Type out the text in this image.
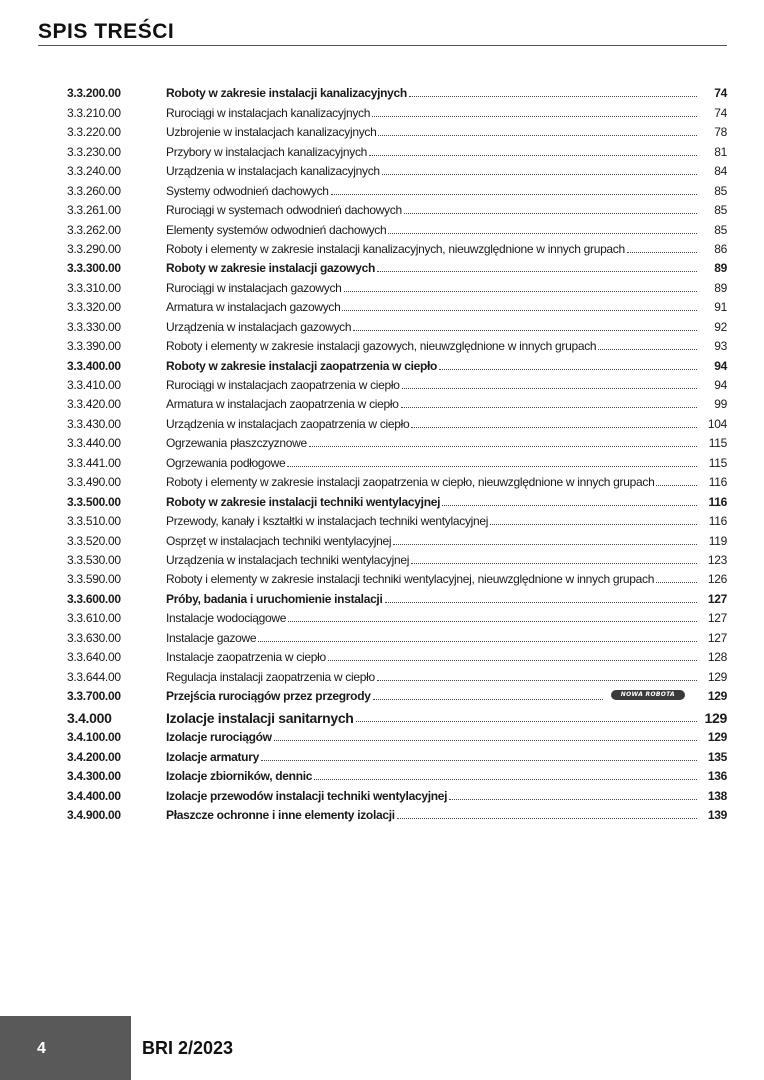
SPIS TREŚCI
3.3.200.00	Roboty w zakresie instalacji kanalizacyjnych	74
3.3.210.00	Rurociągi w instalacjach kanalizacyjnych	74
3.3.220.00	Uzbrojenie w instalacjach kanalizacyjnych	78
3.3.230.00	Przybory w instalacjach kanalizacyjnych	81
3.3.240.00	Urządzenia w instalacjach kanalizacyjnych	84
3.3.260.00	Systemy odwodnień dachowych	85
3.3.261.00	Rurociągi w systemach odwodnień dachowych	85
3.3.262.00	Elementy systemów odwodnień dachowych	85
3.3.290.00	Roboty i elementy w zakresie instalacji kanalizacyjnych, nieuwzględnione w innych grupach	86
3.3.300.00	Roboty w zakresie instalacji gazowych	89
3.3.310.00	Rurociągi w instalacjach gazowych	89
3.3.320.00	Armatura w instalacjach gazowych	91
3.3.330.00	Urządzenia w instalacjach gazowych	92
3.3.390.00	Roboty i elementy w zakresie instalacji gazowych, nieuwzględnione w innych grupach	93
3.3.400.00	Roboty w zakresie instalacji zaopatrzenia w ciepło	94
3.3.410.00	Rurociągi w instalacjach zaopatrzenia w ciepło	94
3.3.420.00	Armatura w instalacjach zaopatrzenia w ciepło	99
3.3.430.00	Urządzenia w instalacjach zaopatrzenia w ciepło	104
3.3.440.00	Ogrzewania płaszczyznowe	115
3.3.441.00	Ogrzewania podłogowe	115
3.3.490.00	Roboty i elementy w zakresie instalacji zaopatrzenia w ciepło, nieuwzględnione w innych grupach	116
3.3.500.00	Roboty w zakresie instalacji techniki wentylacyjnej	116
3.3.510.00	Przewody, kanały i kształtki w instalacjach techniki wentylacyjnej	116
3.3.520.00	Osprzęt w instalacjach techniki wentylacyjnej	119
3.3.530.00	Urządzenia w instalacjach techniki wentylacyjnej	123
3.3.590.00	Roboty i elementy w zakresie instalacji techniki wentylacyjnej, nieuwzględnione w innych grupach	126
3.3.600.00	Próby, badania i uruchomienie instalacji	127
3.3.610.00	Instalacje wodociągowe	127
3.3.630.00	Instalacje gazowe	127
3.3.640.00	Instalacje zaopatrzenia w ciepło	128
3.3.644.00	Regulacja instalacji zaopatrzenia w ciepło	129
3.3.700.00	Przejścia rurociągów przez przegrody	NOWA ROBOTA	129
3.4.000	Izolacje instalacji sanitarnych	129
3.4.100.00	Izolacje rurociągów	129
3.4.200.00	Izolacje armatury	135
3.4.300.00	Izolacje zbiorników, dennic	136
3.4.400.00	Izolacje przewodów instalacji techniki wentylacyjnej	138
3.4.900.00	Płaszcze ochronne i inne elementy izolacji	139
4	BRI 2/2023
